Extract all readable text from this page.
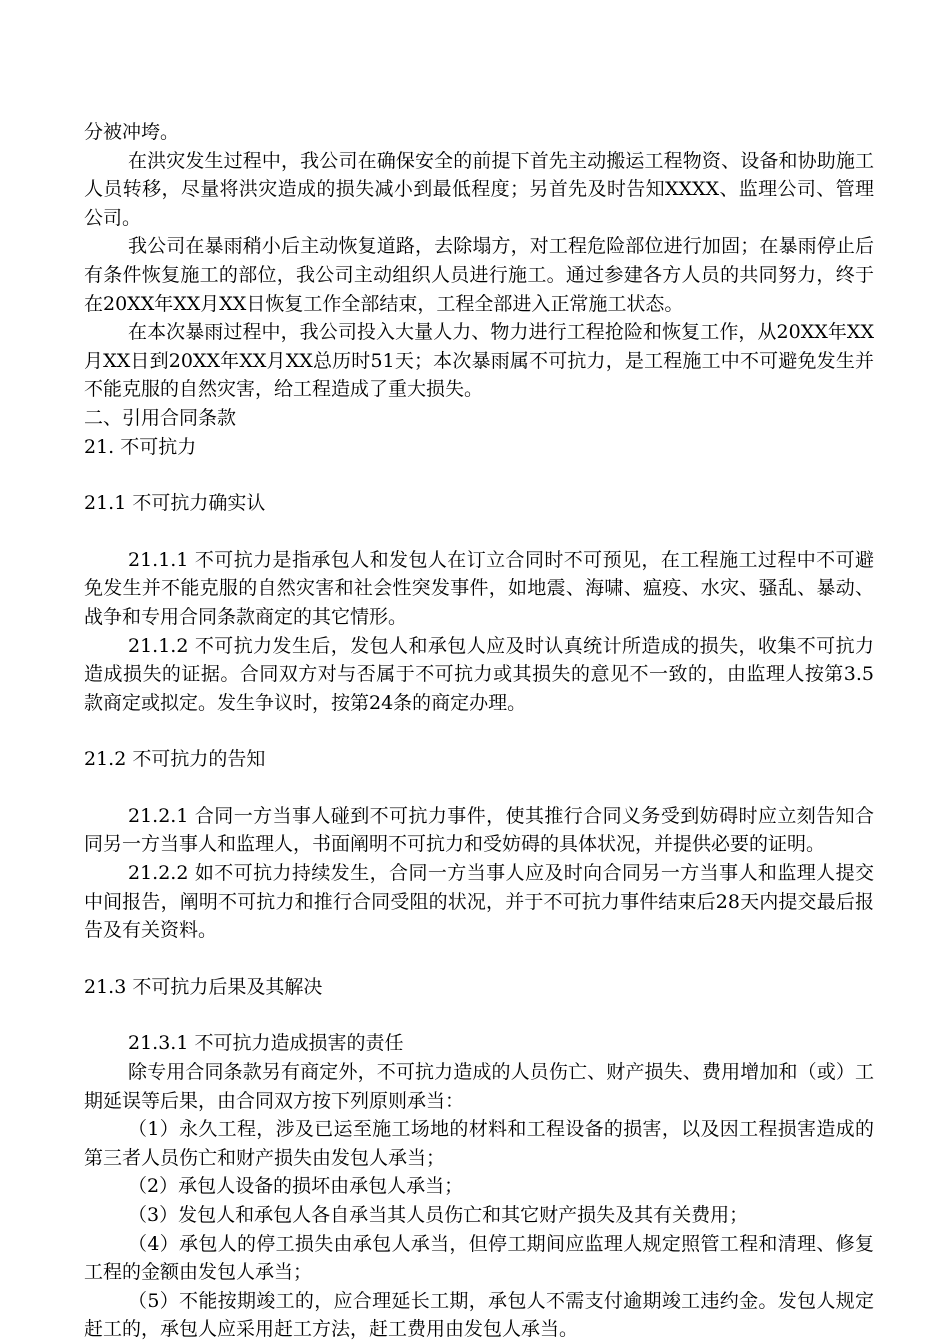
分被冲垮。

在洪灾发生过程中，我公司在确保安全的前提下首先主动搬运工程物资、设备和协助施工人员转移，尽量将洪灾造成的损失减小到最低程度；另首先及时告知XXXX、监理公司、管理公司。

我公司在暴雨稍小后主动恢复道路，去除塌方，对工程危险部位进行加固；在暴雨停止后有条件恢复施工的部位，我公司主动组织人员进行施工。通过参建各方人员的共同努力，终于在20XX年XX月XX日恢复工作全部结束，工程全部进入正常施工状态。

在本次暴雨过程中，我公司投入大量人力、物力进行工程抢险和恢复工作，从20XX年XX月XX日到20XX年XX月XX总历时51天；本次暴雨属不可抗力，是工程施工中不可避免发生并不能克服的自然灾害，给工程造成了重大损失。

二、引用合同条款
21. 不可抗力
21.1 不可抗力确实认

21.1.1 不可抗力是指承包人和发包人在订立合同时不可预见，在工程施工过程中不可避免发生并不能克服的自然灾害和社会性突发事件，如地震、海啸、瘟疫、水灾、骚乱、暴动、战争和专用合同条款商定的其它情形。

21.1.2 不可抗力发生后，发包人和承包人应及时认真统计所造成的损失，收集不可抗力造成损失的证据。合同双方对与否属于不可抗力或其损失的意见不一致的，由监理人按第3.5 款商定或拟定。发生争议时，按第24条的商定办理。

21.2 不可抗力的告知

21.2.1 合同一方当事人碰到不可抗力事件，使其推行合同义务受到妨碍时应立刻告知合同另一方当事人和监理人，书面阐明不可抗力和受妨碍的具体状况，并提供必要的证明。

21.2.2 如不可抗力持续发生，合同一方当事人应及时向合同另一方当事人和监理人提交中间报告，阐明不可抗力和推行合同受阻的状况，并于不可抗力事件结束后28天内提交最后报告及有关资料。

21.3 不可抗力后果及其解决

21.3.1 不可抗力造成损害的责任

除专用合同条款另有商定外，不可抗力造成的人员伤亡、财产损失、费用增加和（或）工期延误等后果，由合同双方按下列原则承当：

（1）永久工程，涉及已运至施工场地的材料和工程设备的损害，以及因工程损害造成的第三者人员伤亡和财产损失由发包人承当；

（2）承包人设备的损坏由承包人承当；

（3）发包人和承包人各自承当其人员伤亡和其它财产损失及其有关费用；

（4）承包人的停工损失由承包人承当，但停工期间应监理人规定照管工程和清理、修复工程的金额由发包人承当；

（5）不能按期竣工的，应合理延长工期，承包人不需支付逾期竣工违约金。发包人规定赶工的，承包人应采用赶工方法，赶工费用由发包人承当。
